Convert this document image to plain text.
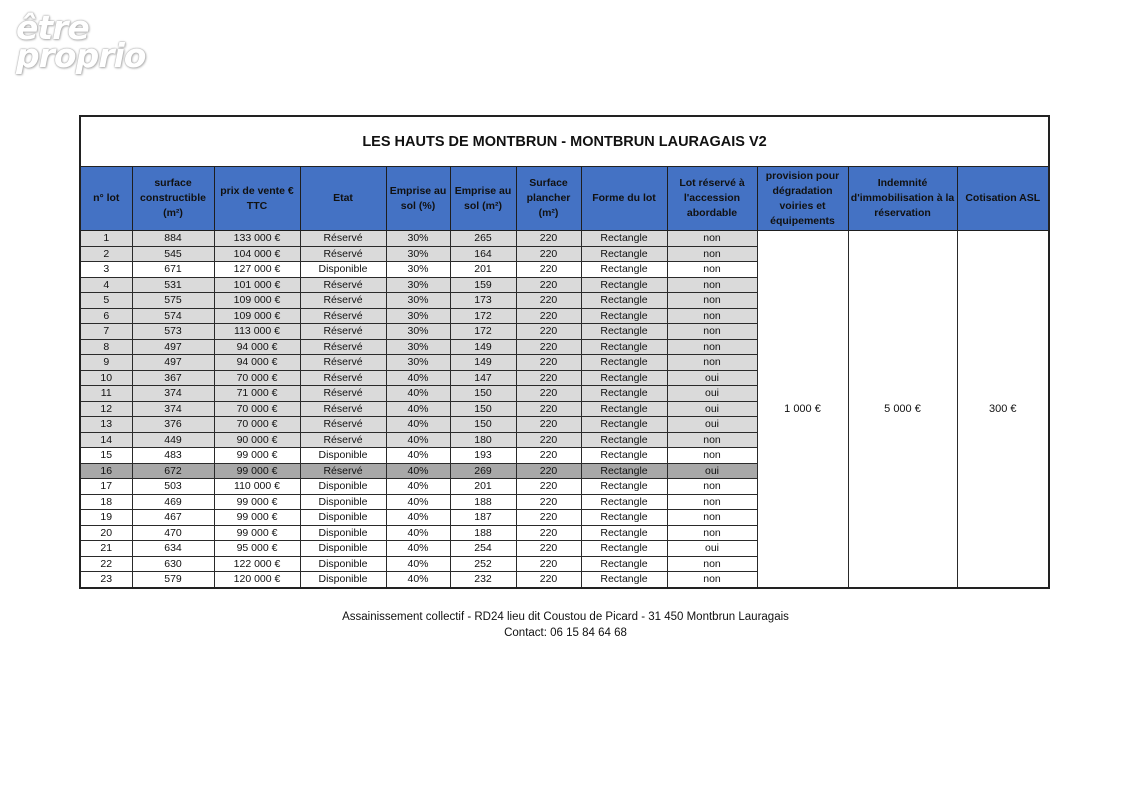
être
proprio
LES HAUTS DE MONTBRUN - MONTBRUN LAURAGAIS V2											
n° lot	surface constructible (m²)	prix de vente € TTC	Etat	Emprise au sol (%)	Emprise au sol (m²)	Surface plancher (m²)	Forme du lot	Lot réservé à l'accession abordable	provision pour dégradation voiries et équipements	Indemnité d'immobilisation à la réservation	Cotisation ASL
1	884	133 000 €	Réservé	30%	265	220	Rectangle	non	1 000 €	5 000 €	300 €
2	545	104 000 €	Réservé	30%	164	220	Rectangle	non			
3	671	127 000 €	Disponible	30%	201	220	Rectangle	non			
4	531	101 000 €	Réservé	30%	159	220	Rectangle	non			
5	575	109 000 €	Réservé	30%	173	220	Rectangle	non			
6	574	109 000 €	Réservé	30%	172	220	Rectangle	non			
7	573	113 000 €	Réservé	30%	172	220	Rectangle	non			
8	497	94 000 €	Réservé	30%	149	220	Rectangle	non			
9	497	94 000 €	Réservé	30%	149	220	Rectangle	non			
10	367	70 000 €	Réservé	40%	147	220	Rectangle	oui			
11	374	71 000 €	Réservé	40%	150	220	Rectangle	oui			
12	374	70 000 €	Réservé	40%	150	220	Rectangle	oui			
13	376	70 000 €	Réservé	40%	150	220	Rectangle	oui			
14	449	90 000 €	Réservé	40%	180	220	Rectangle	non			
15	483	99 000 €	Disponible	40%	193	220	Rectangle	non			
16	672	99 000 €	Réservé	40%	269	220	Rectangle	oui			
17	503	110 000 €	Disponible	40%	201	220	Rectangle	non			
18	469	99 000 €	Disponible	40%	188	220	Rectangle	non			
19	467	99 000 €	Disponible	40%	187	220	Rectangle	non			
20	470	99 000 €	Disponible	40%	188	220	Rectangle	non			
21	634	95 000 €	Disponible	40%	254	220	Rectangle	oui			
22	630	122 000 €	Disponible	40%	252	220	Rectangle	non			
23	579	120 000 €	Disponible	40%	232	220	Rectangle	non			
Assainissement collectif - RD24 lieu dit Coustou de Picard - 31 450 Montbrun Lauragais
Contact: 06 15 84 64 68
